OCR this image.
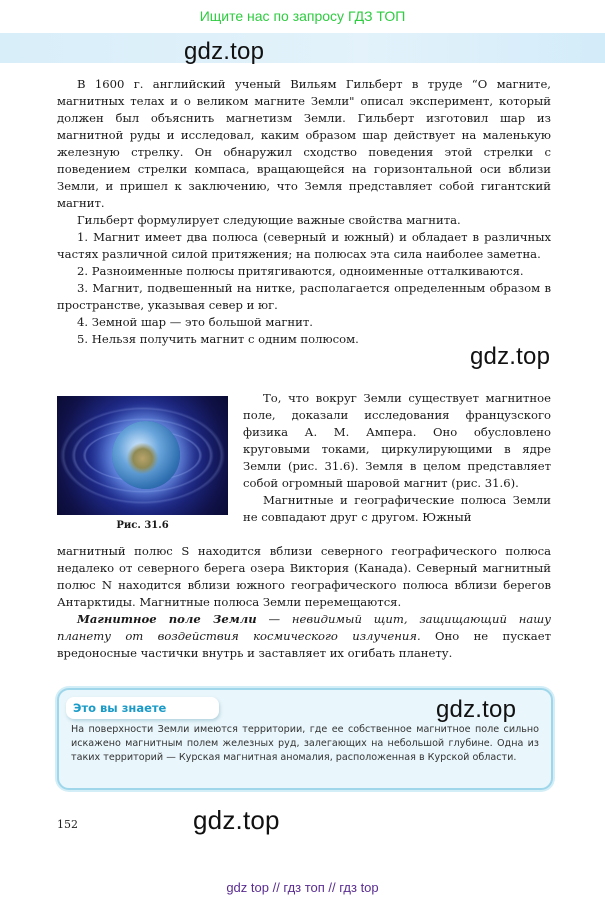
Ищите нас по запросу ГДЗ ТОП
gdz.top

В 1600 г. английский ученый Вильям Гильберт в труде “О магните, магнитных телах и о великом магните Земли" описал эксперимент, который должен был объяснить магнетизм Земли. Гильберт изготовил шар из магнитной руды и исследовал, каким образом шар действует на маленькую железную стрелку. Он обнаружил сходство поведения этой стрелки с поведением стрелки компаса, вращающейся на горизонтальной оси вблизи Земли, и пришел к заключению, что Земля представляет собой гигантский магнит.

Гильберт формулирует следующие важные свойства магнита.

1. Магнит имеет два полюса (северный и южный) и обладает в различных частях различной силой притяжения; на полюсах эта сила наиболее заметна.

2. Разноименные полюсы притягиваются, одноименные отталкиваются.

3. Магнит, подвешенный на нитке, располагается определенным образом в пространстве, указывая север и юг.

4. Земной шар — это большой магнит.

5. Нельзя получить магнит с одним полюсом.

gdz.top
Рис. 31.6

То, что вокруг Земли существует магнитное поле, доказали исследования французского физика А. М. Ампера. Оно обусловлено круговыми токами, циркулирующими в ядре Земли (рис. 31.6). Земля в целом представляет собой огромный шаровой магнит (рис. 31.6).

Магнитные и географические полюса Земли не совпадают друг с другом. Южный

магнитный полюс S находится вблизи северного географического полюса недалеко от северного берега озера Виктория (Канада). Северный магнитный полюс N находится вблизи южного географического полюса вблизи берегов Антарктиды. Магнитные полюса Земли перемещаются.

Магнитное поле Земли — невидимый щит, защищающий нашу планету от воздействия космического излучения. Оно не пускает вредоносные частички внутрь и заставляет их огибать планету.

Это вы знаете
На поверхности Земли имеются территории, где ее собственное магнитное поле сильно искажено магнитным полем железных руд, залегающих на небольшой глубине. Одна из таких территорий — Курская магнитная аномалия, расположенная в Курской области.
gdz.top
152	gdz.top
gdz top // гдз топ // гдз top
